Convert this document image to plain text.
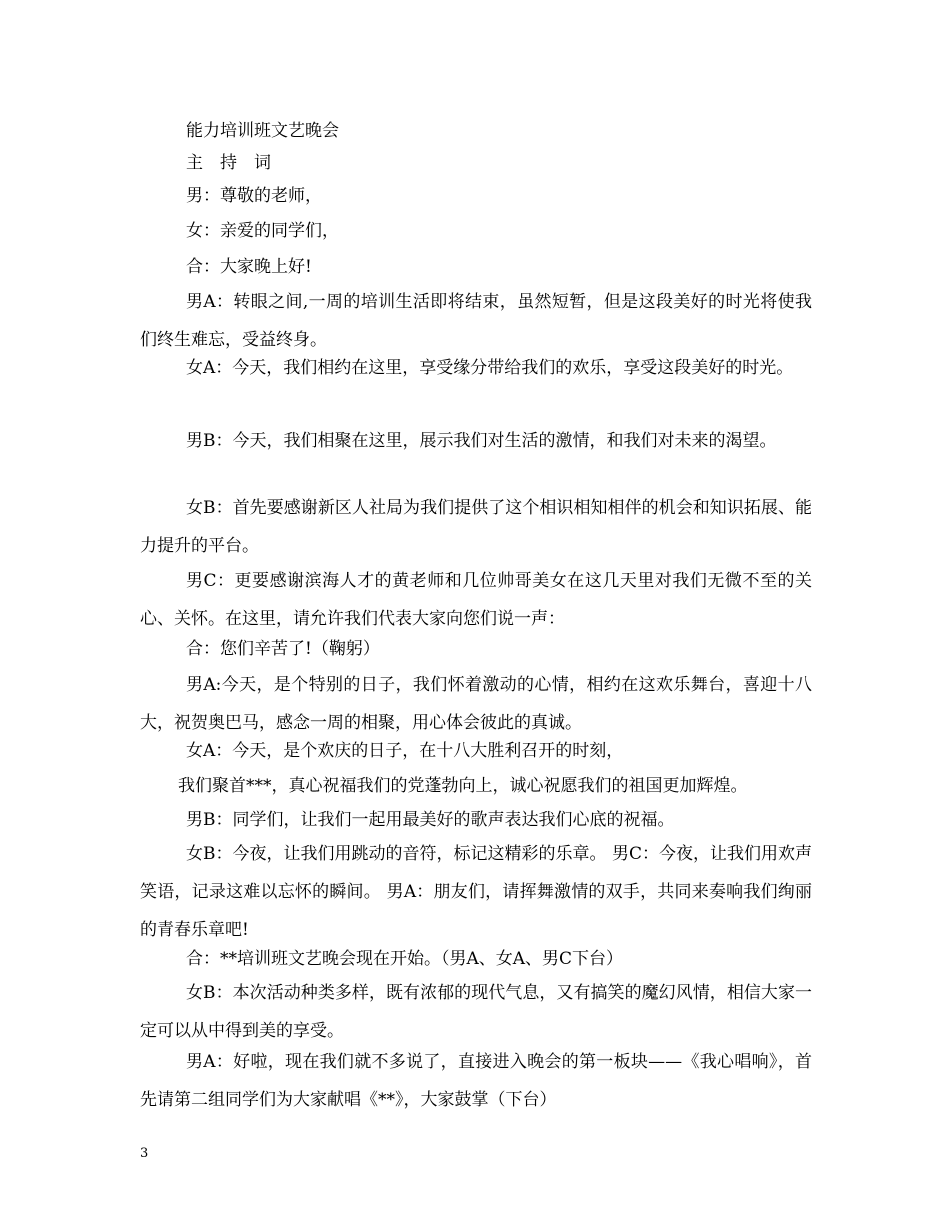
能力培训班文艺晚会

主　持　词

男：尊敬的老师，

女：亲爱的同学们，

合：大家晚上好!

男A：转眼之间,一周的培训生活即将结束，虽然短暂，但是这段美好的时光将使我们终生难忘，受益终身。

女A：今天，我们相约在这里，享受缘分带给我们的欢乐，享受这段美好的时光。

男B：今天，我们相聚在这里，展示我们对生活的激情，和我们对未来的渴望。

女B：首先要感谢新区人社局为我们提供了这个相识相知相伴的机会和知识拓展、能力提升的平台。

男C：更要感谢滨海人才的黄老师和几位帅哥美女在这几天里对我们无微不至的关心、关怀。在这里，请允许我们代表大家向您们说一声：

合：您们辛苦了!（鞠躬）

男A:今天，是个特别的日子，我们怀着激动的心情，相约在这欢乐舞台，喜迎十八大，祝贺奥巴马，感念一周的相聚，用心体会彼此的真诚。

女A：今天，是个欢庆的日子，在十八大胜利召开的时刻，

我们聚首***，真心祝福我们的党蓬勃向上，诚心祝愿我们的祖国更加辉煌。

男B：同学们，让我们一起用最美好的歌声表达我们心底的祝福。

女B：今夜，让我们用跳动的音符，标记这精彩的乐章。 男C：今夜，让我们用欢声笑语，记录这难以忘怀的瞬间。 男A：朋友们，请挥舞激情的双手，共同来奏响我们绚丽的青春乐章吧!

合：**培训班文艺晚会现在开始。（男A、女A、男C下台）

女B：本次活动种类多样，既有浓郁的现代气息，又有搞笑的魔幻风情，相信大家一定可以从中得到美的享受。

男A：好啦，现在我们就不多说了，直接进入晚会的第一板块——《我心唱响》，首先请第二组同学们为大家献唱《**》，大家鼓掌（下台）

3
